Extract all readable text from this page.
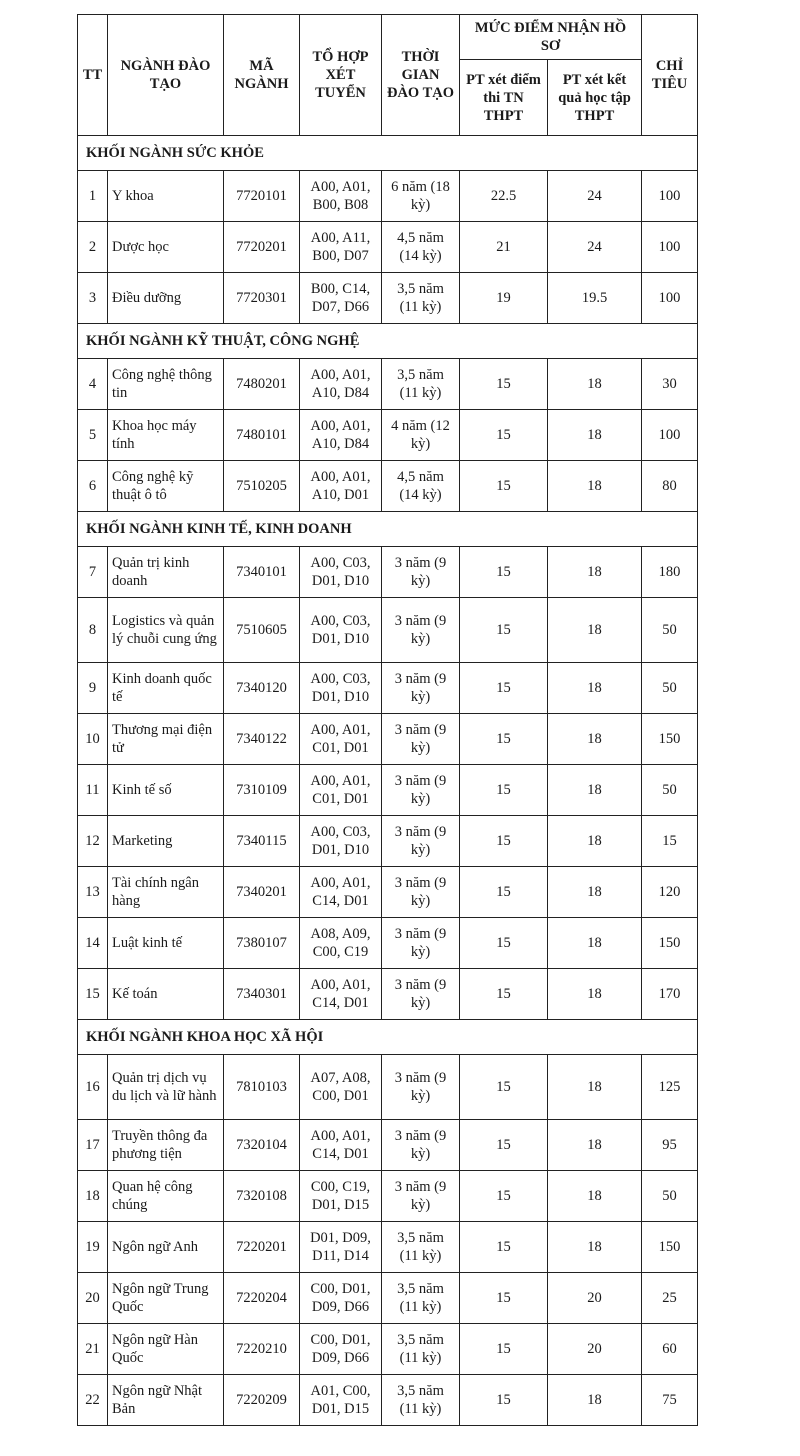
TT	NGÀNH ĐÀO TẠO	MÃ NGÀNH	TỔ HỢP XÉT TUYỂN	THỜI GIAN ĐÀO TẠO	MỨC ĐIỂM NHẬN HỒ SƠ		CHỈ TIÊU
					PT xét điểm thi TN THPT	PT xét kết quả học tập THPT	
KHỐI NGÀNH SỨC KHỎE							
1	Y khoa	7720101	A00, A01, B00, B08	6 năm (18 kỳ)	22.5	24	100
2	Dược học	7720201	A00, A11, B00, D07	4,5 năm (14 kỳ)	21	24	100
3	Điều dưỡng	7720301	B00, C14, D07, D66	3,5 năm (11 kỳ)	19	19.5	100
KHỐI NGÀNH KỸ THUẬT, CÔNG NGHỆ							
4	Công nghệ thông tin	7480201	A00, A01, A10, D84	3,5 năm (11 kỳ)	15	18	30
5	Khoa học máy tính	7480101	A00, A01, A10, D84	4 năm (12 kỳ)	15	18	100
6	Công nghệ kỹ thuật ô tô	7510205	A00, A01, A10, D01	4,5 năm (14 kỳ)	15	18	80
KHỐI NGÀNH KINH TẾ, KINH DOANH							
7	Quản trị kinh doanh	7340101	A00, C03, D01, D10	3 năm (9 kỳ)	15	18	180
8	Logistics và quản lý chuỗi cung ứng	7510605	A00, C03, D01, D10	3 năm (9 kỳ)	15	18	50
9	Kinh doanh quốc tế	7340120	A00, C03, D01, D10	3 năm (9 kỳ)	15	18	50
10	Thương mại điện tử	7340122	A00, A01, C01, D01	3 năm (9 kỳ)	15	18	150
11	Kinh tế số	7310109	A00, A01, C01, D01	3 năm (9 kỳ)	15	18	50
12	Marketing	7340115	A00, C03, D01, D10	3 năm (9 kỳ)	15	18	15
13	Tài chính ngân hàng	7340201	A00, A01, C14, D01	3 năm (9 kỳ)	15	18	120
14	Luật kinh tế	7380107	A08, A09, C00, C19	3 năm (9 kỳ)	15	18	150
15	Kế toán	7340301	A00, A01, C14, D01	3 năm (9 kỳ)	15	18	170
KHỐI NGÀNH KHOA HỌC XÃ HỘI							
16	Quản trị dịch vụ du lịch và lữ hành	7810103	A07, A08, C00, D01	3 năm (9 kỳ)	15	18	125
17	Truyền thông đa phương tiện	7320104	A00, A01, C14, D01	3 năm (9 kỳ)	15	18	95
18	Quan hệ công chúng	7320108	C00, C19, D01, D15	3 năm (9 kỳ)	15	18	50
19	Ngôn ngữ Anh	7220201	D01, D09, D11, D14	3,5 năm (11 kỳ)	15	18	150
20	Ngôn ngữ Trung Quốc	7220204	C00, D01, D09, D66	3,5 năm (11 kỳ)	15	20	25
21	Ngôn ngữ Hàn Quốc	7220210	C00, D01, D09, D66	3,5 năm (11 kỳ)	15	20	60
22	Ngôn ngữ Nhật Bản	7220209	A01, C00, D01, D15	3,5 năm (11 kỳ)	15	18	75
